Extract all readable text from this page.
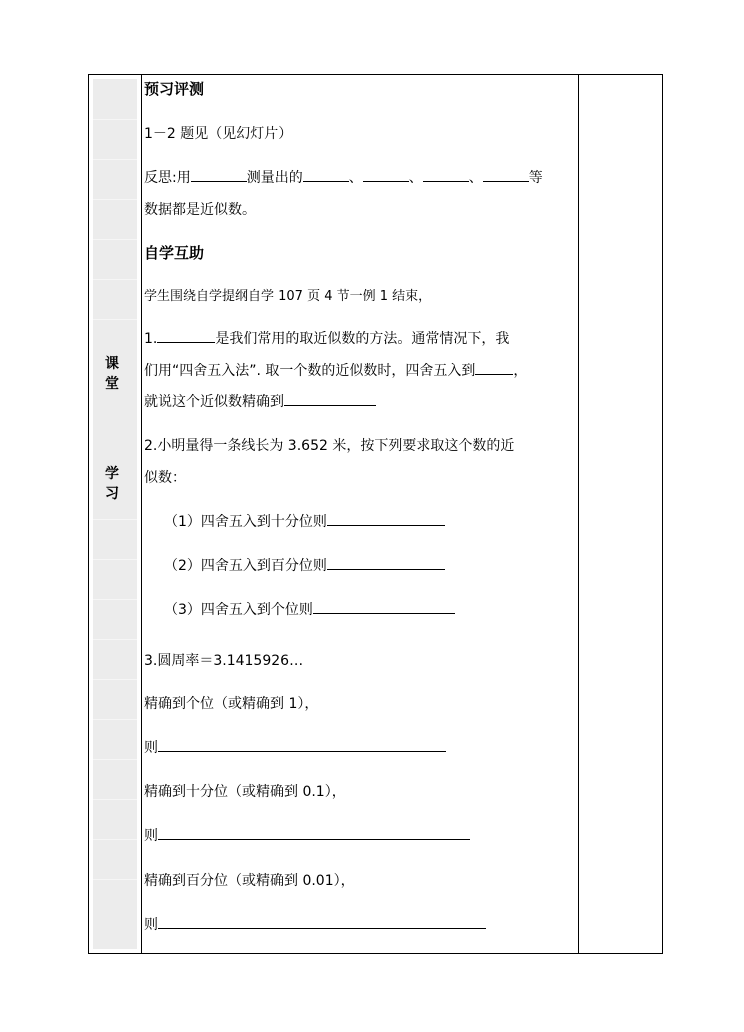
课 堂
学 习
预习评测
1－2 题见（见幻灯片）
反思:用	测量出的	、	、	、	等
数据都是近似数。
自学互助
学生围绕自学提纲自学 107 页 4 节一例 1 结束，
1.	是我们常用的取近似数的方法。通常情况下，我
们用“四舍五入法”. 取一个数的近似数时，四舍五入到	，
就说这个近似数精确到
2.小明量得一条线长为 3.652 米，按下列要求取这个数的近
似数：
（1）四舍五入到十分位则
（2）四舍五入到百分位则
（3）四舍五入到个位则
3.圆周率＝3.1415926…
精确到个位（或精确到 1），
则
精确到十分位（或精确到 0.1），
则
精确到百分位（或精确到 0.01），
则
